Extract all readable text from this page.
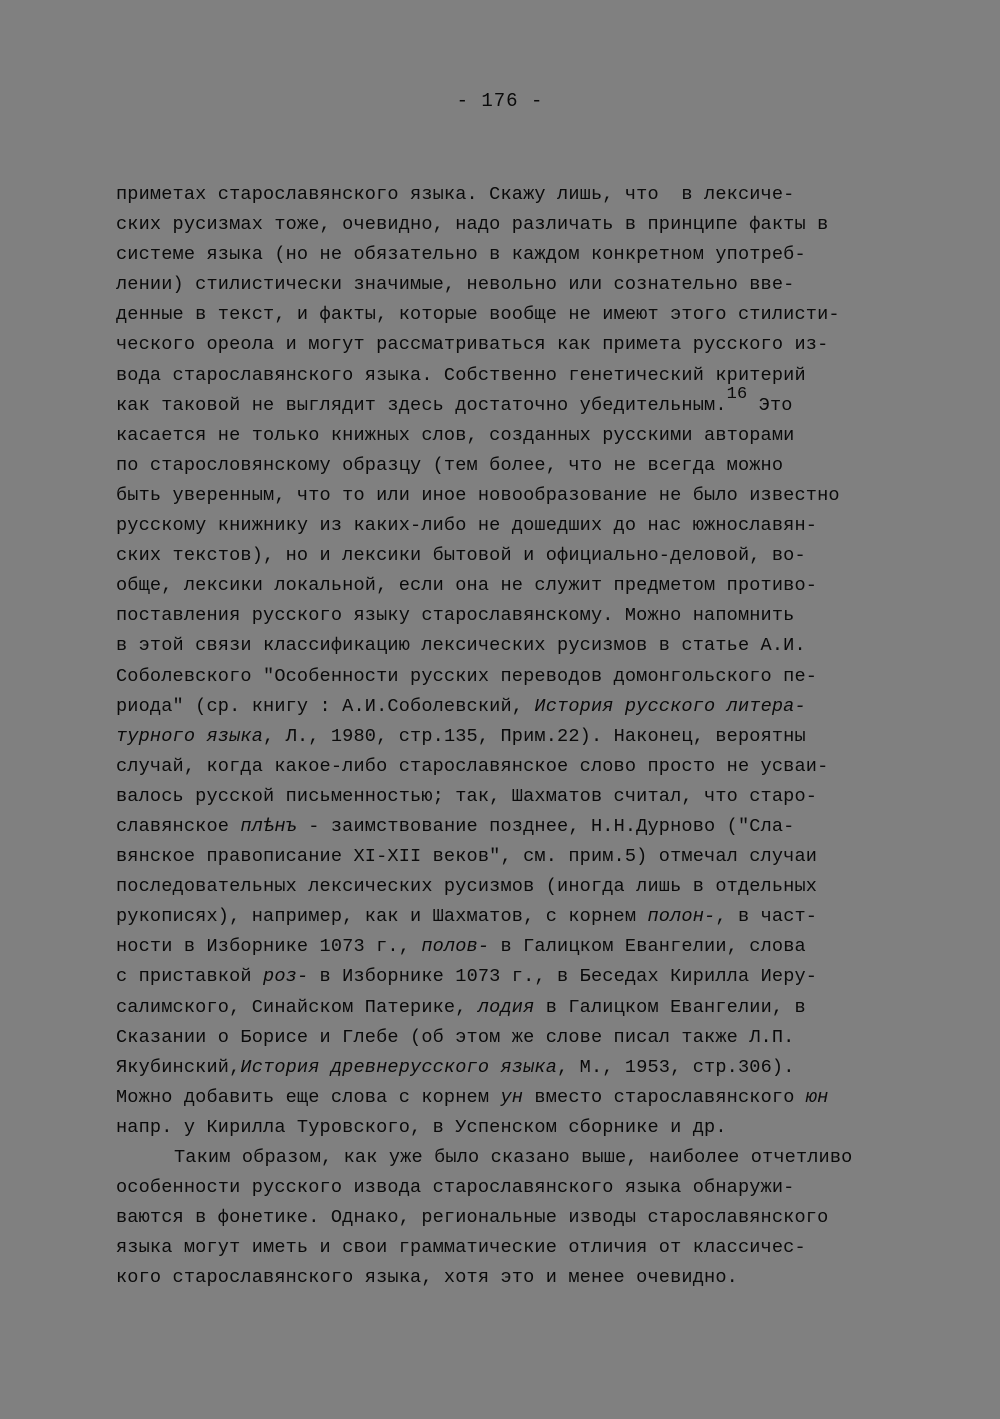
- 176 -
приметах старославянского языка. Скажу лишь, что  в лексиче-
ских русизмах тоже, очевидно, надо различать в принципе факты в
системе языка (но не обязательно в каждом конкретном употреб-
лении) стилистически значимые, невольно или сознательно вве-
денные в текст, и факты, которые вообще не имеют этого стилисти-
ческого ореола и могут рассматриваться как примета русского из-
вода старославянского языка. Собственно генетический критерий
как таковой не выглядит здесь достаточно убедительным.$^{16}$ Это
касается не только книжных слов, созданных русскими авторами
по старословянскому образцу (тем более, что не всегда можно
быть уверенным, что то или иное новообразование не было известно
русскому книжнику из каких-либо не дошедших до нас южнославян-
ских текстов), но и лексики бытовой и официально-деловой, во-
обще, лексики локальной, если она не служит предметом противо-
поставления русского языку старославянскому. Можно напомнить
в этой связи классификацию лексических русизмов в статье А.И.
Соболевского "Особенности русских переводов домонгольского пе-
риода" (ср. книгу : А.И.Соболевский, История русского литера-
турного языка, Л., 1980, стр.135, Прим.22). Наконец, вероятны
случай, когда какое-либо старославянское слово просто не усваи-
валось русской письменностью; так, Шахматов считал, что старо-
славянское плѣнъ - заимствование позднее, Н.Н.Дурново ("Сла-
вянское правописание XI-XII веков", см. прим.5) отмечал случаи
последовательных лексических русизмов (иногда лишь в отдельных
рукописях), например, как и Шахматов, с корнем полон-, в част-
ности в Изборнике 1073 г., полов- в Галицком Евангелии, слова
с приставкой роз- в Изборнике 1073 г., в Беседах Кирилла Иеру-
салимского, Синайском Патерике, лодия в Галицком Евангелии, в
Сказании о Борисе и Глебе (об этом же слове писал также Л.П.
Якубинский,История древнерусского языка, М., 1953, стр.306).
Можно добавить еще слова с корнем ун вместо старославянского юн
напр. у Кирилла Туровского, в Успенском сборнике и др.
Таким образом, как уже было сказано выше, наиболее отчетливо
особенности русского извода старославянского языка обнаружи-
ваются в фонетике. Однако, региональные изводы старославянского
языка могут иметь и свои грамматические отличия от классичес-
кого старославянского языка, хотя это и менее очевидно.
